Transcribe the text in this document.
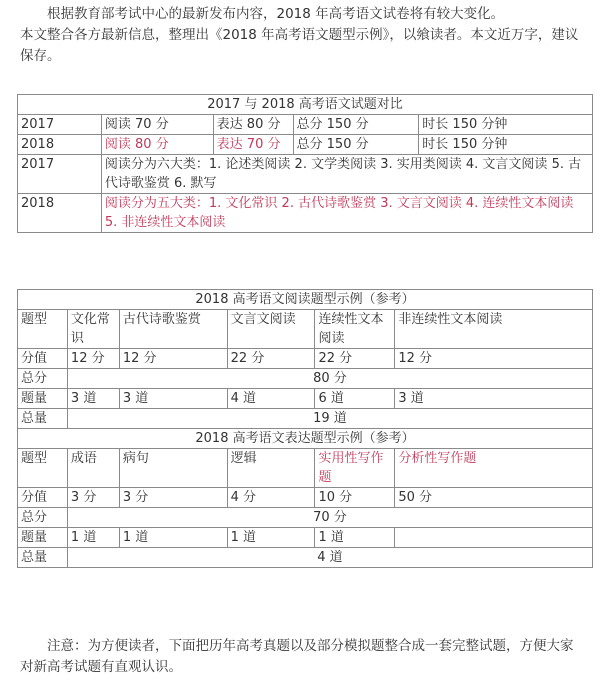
根据教育部考试中心的最新发布内容，2018 年高考语文试卷将有较大变化。
本文整合各方最新信息，整理出《2018 年高考语文题型示例》，以飨读者。本文近万字，建议保存。
2017 与 2018 高考语文试题对比				
2017	阅读 70 分	表达 80 分	总分 150 分	时长 150 分钟
2018	阅读 80 分	表达 70 分	总分 150 分	时长 150 分钟
2017	阅读分为六大类：1. 论述类阅读 2. 文学类阅读 3. 实用类阅读 4. 文言文阅读 5. 古代诗歌鉴赏 6. 默写			
2018	阅读分为五大类：1. 文化常识 2. 古代诗歌鉴赏 3. 文言文阅读 4. 连续性文本阅读 5. 非连续性文本阅读			
2018 高考语文阅读题型示例（参考）					
题型	文化常识	古代诗歌鉴赏	文言文阅读	连续性文本阅读	非连续性文本阅读
分值	12 分	12 分	22 分	22 分	12 分
总分	80 分				
题量	3 道	3 道	4 道	6 道	3 道
总量	19 道				
2018 高考语文表达题型示例（参考）					
题型	成语	病句	逻辑	实用性写作题	分析性写作题
分值	3 分	3 分	4 分	10 分	50 分
总分	70 分				
题量	1 道	1 道	1 道	1 道	
总量	4 道				
注意：为方便读者，下面把历年高考真题以及部分模拟题整合成一套完整试题，方便大家对新高考试题有直观认识。
